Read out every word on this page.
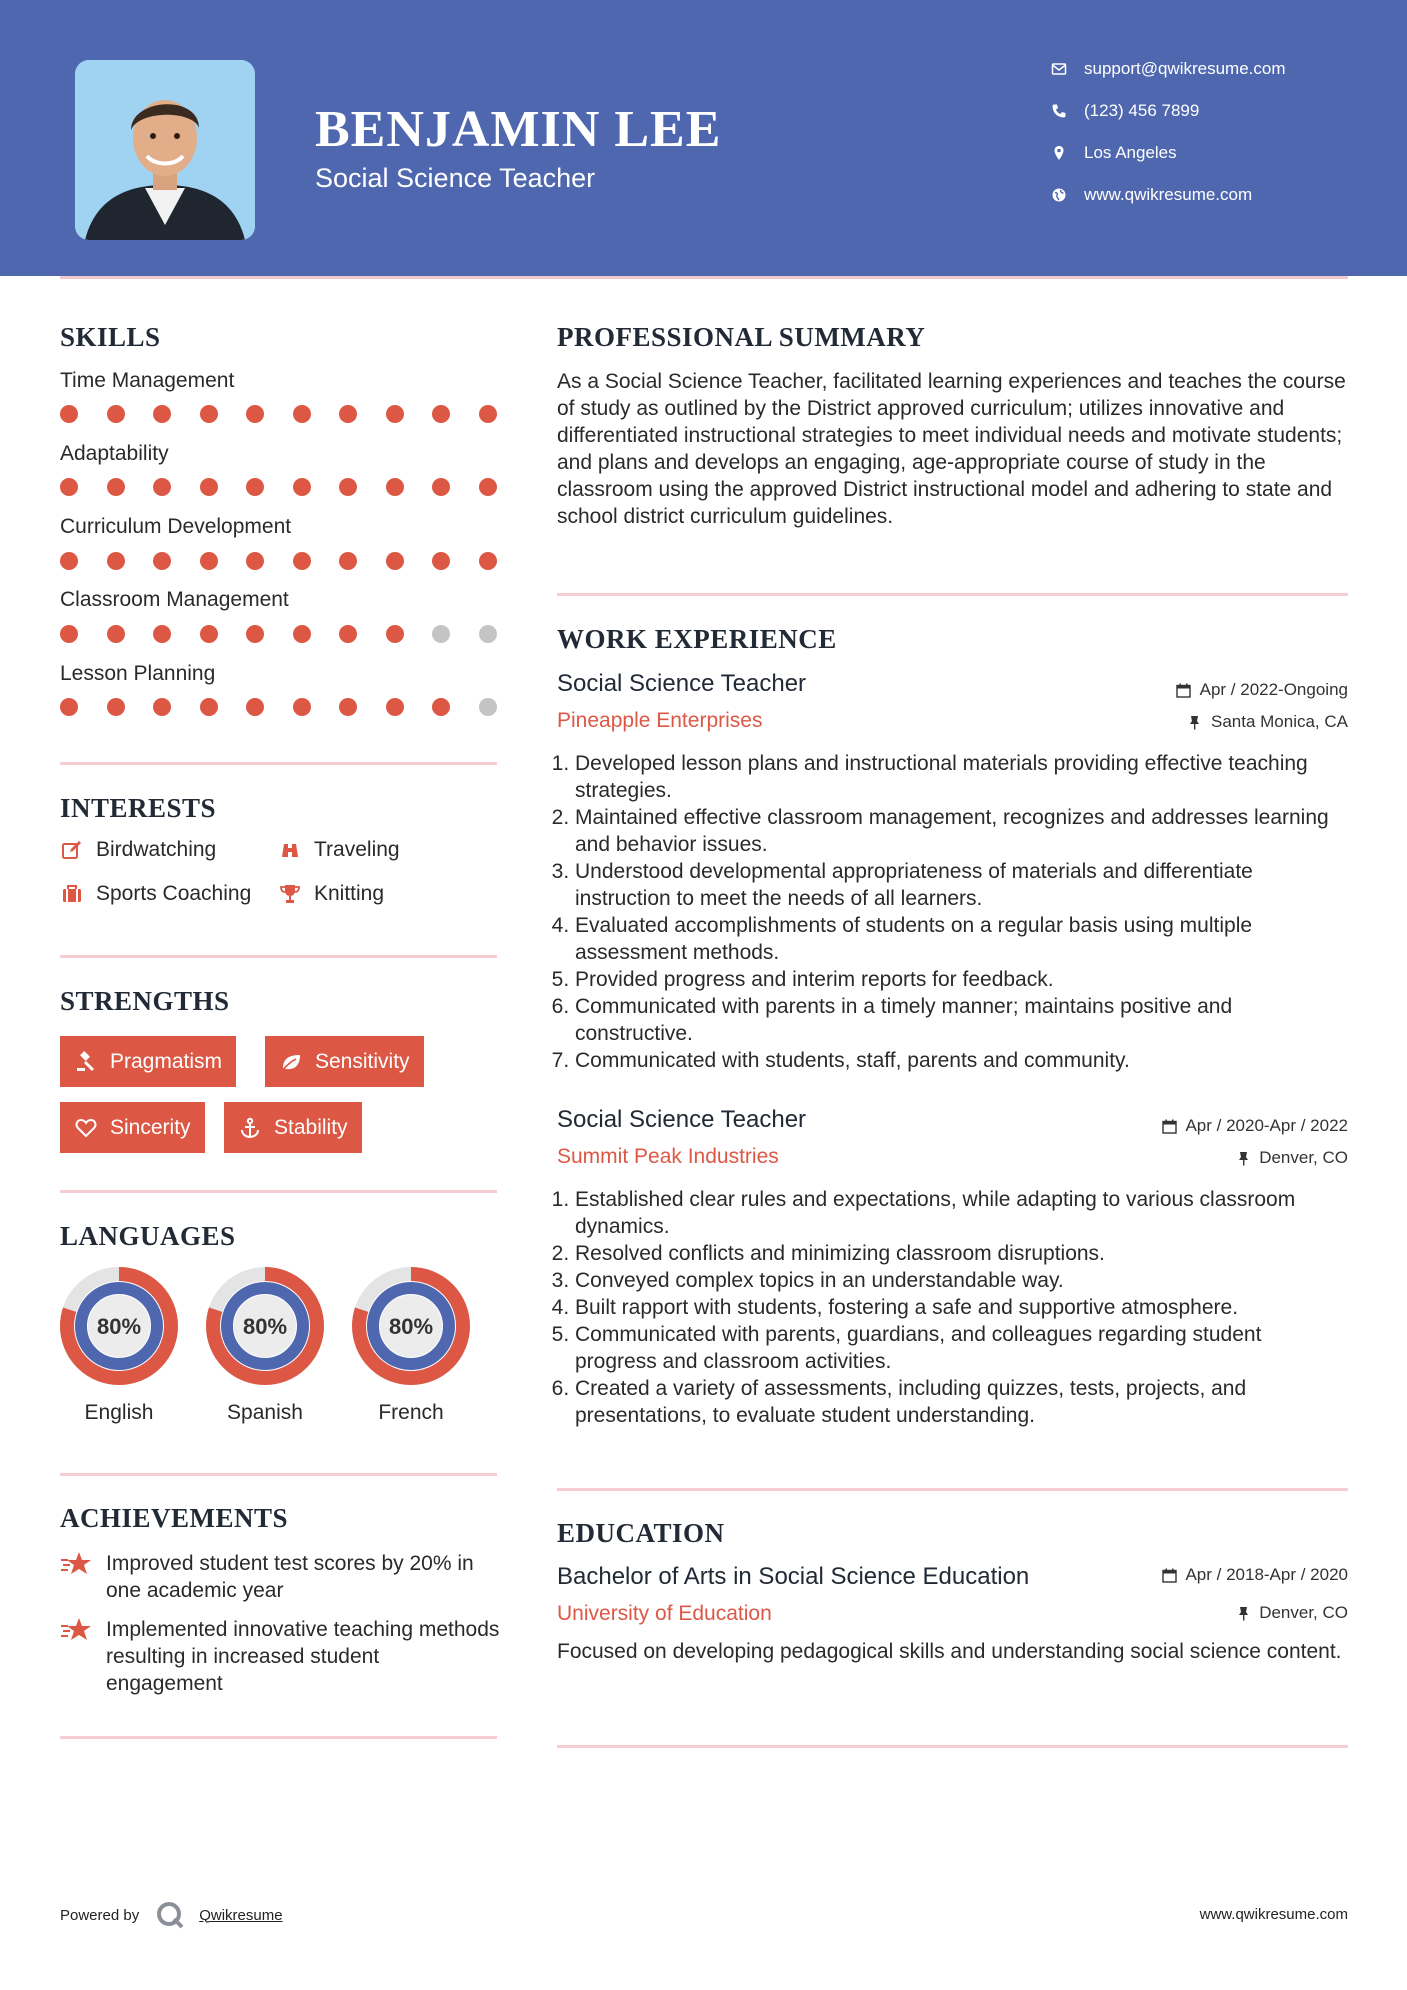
BENJAMIN LEE
Social Science Teacher
support@qwikresume.com
(123) 456 7899
Los Angeles
www.qwikresume.com
SKILLS
Time Management
Adaptability
Curriculum Development
Classroom Management
Lesson Planning
INTERESTS
Birdwatching	Traveling
Sports Coaching	Knitting
STRENGTHS
Pragmatism	Sensitivity
Sincerity	Stability
LANGUAGES
80%
English
80%
Spanish
80%
French
ACHIEVEMENTS
Improved student test scores by 20% in one academic year
Implemented innovative teaching methods resulting in increased student engagement
PROFESSIONAL SUMMARY
As a Social Science Teacher, facilitated learning experiences and teaches the course of study as outlined by the District approved curriculum; utilizes innovative and differentiated instructional strategies to meet individual needs and motivate students; and plans and develops an engaging, age-appropriate course of study in the classroom using the approved District instructional model and adhering to state and school district curriculum guidelines.
WORK EXPERIENCE
Social Science Teacher
Pineapple Enterprises
Apr / 2022-Ongoing
Santa Monica, CA
1. Developed lesson plans and instructional materials providing effective teaching strategies.
2. Maintained effective classroom management, recognizes and addresses learning and behavior issues.
3. Understood developmental appropriateness of materials and differentiate instruction to meet the needs of all learners.
4. Evaluated accomplishments of students on a regular basis using multiple assessment methods.
5. Provided progress and interim reports for feedback.
6. Communicated with parents in a timely manner; maintains positive and constructive.
7. Communicated with students, staff, parents and community.
Social Science Teacher
Summit Peak Industries
Apr / 2020-Apr / 2022
Denver, CO
1. Established clear rules and expectations, while adapting to various classroom dynamics.
2. Resolved conflicts and minimizing classroom disruptions.
3. Conveyed complex topics in an understandable way.
4. Built rapport with students, fostering a safe and supportive atmosphere.
5. Communicated with parents, guardians, and colleagues regarding student progress and classroom activities.
6. Created a variety of assessments, including quizzes, tests, projects, and presentations, to evaluate student understanding.
EDUCATION
Bachelor of Arts in Social Science Education
University of Education
Apr / 2018-Apr / 2020
Denver, CO
Focused on developing pedagogical skills and understanding social science content.
Powered by	Qwikresume	www.qwikresume.com
